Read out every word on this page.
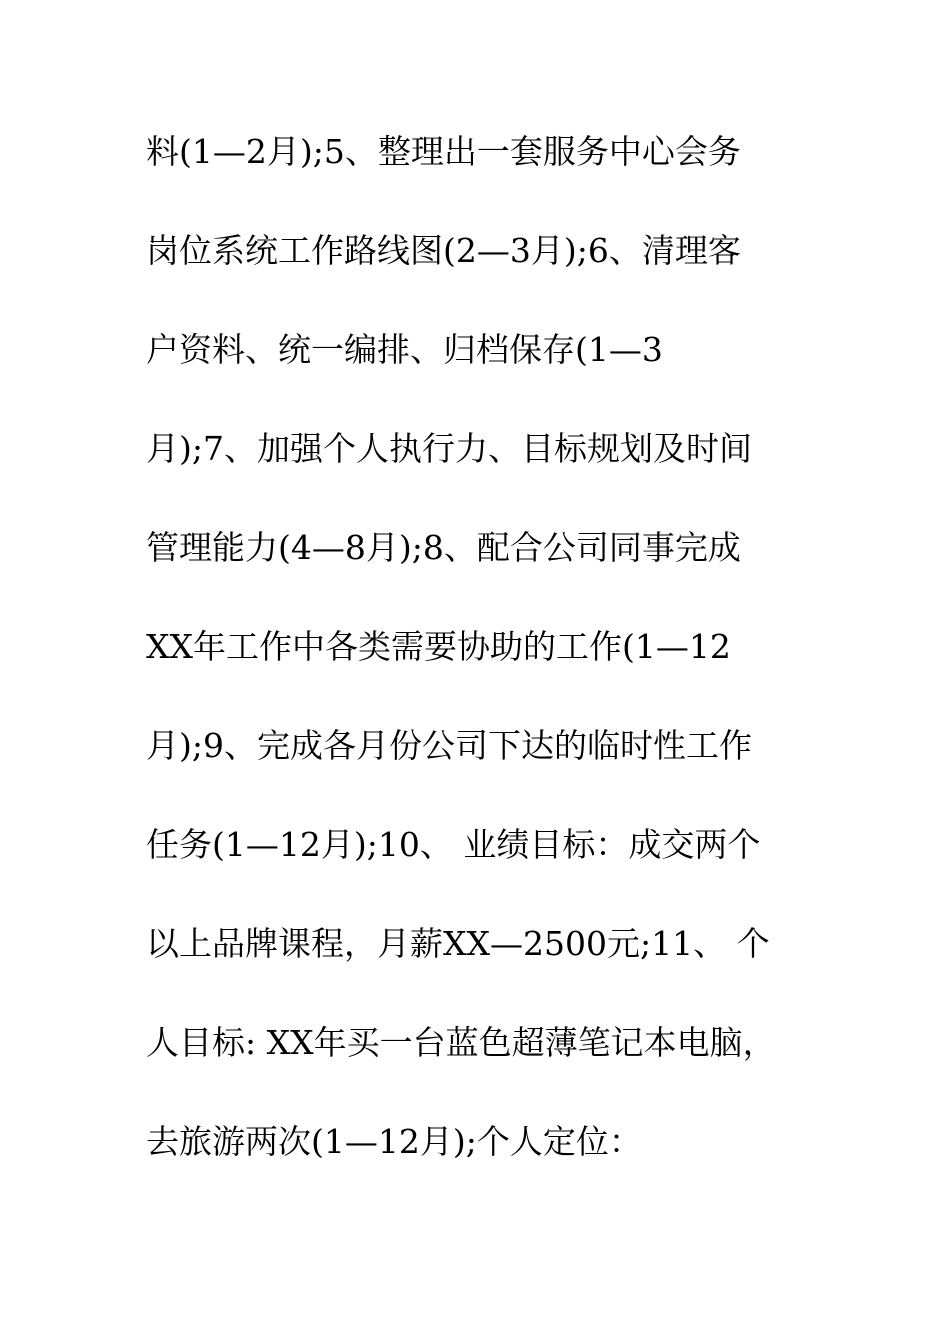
料(1—2月);5、整理出一套服务中心会务
岗位系统工作路线图(2—3月);6、清理客
户资料、统一编排、归档保存(1—3
月);7、加强个人执行力、目标规划及时间
管理能力(4—8月);8、配合公司同事完成
XX年工作中各类需要协助的工作(1—12
月);9、完成各月份公司下达的临时性工作
任务(1—12月);10、 业绩目标：成交两个
以上品牌课程，月薪XX—2500元;11、 个
人目标: XX年买一台蓝色超薄笔记本电脑，
去旅游两次(1—12月);个人定位：
